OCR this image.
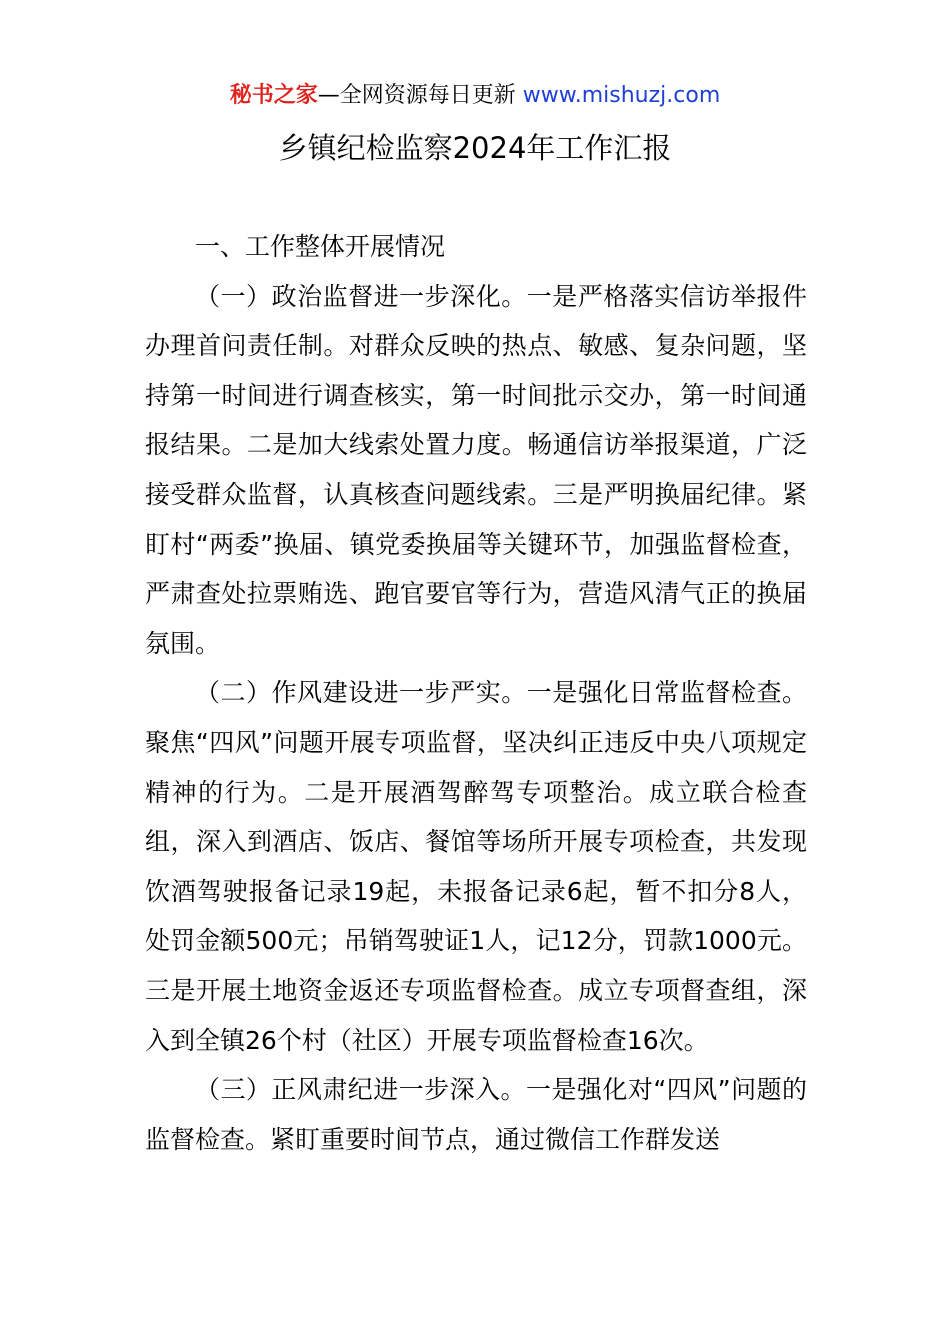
秘书之家—全网资源每日更新 www.mishuzj.com
乡镇纪检监察2024年工作汇报

一、工作整体开展情况

（一）政治监督进一步深化。一是严格落实信访举报件办理首问责任制。对群众反映的热点、敏感、复杂问题，坚持第一时间进行调查核实，第一时间批示交办，第一时间通报结果。二是加大线索处置力度。畅通信访举报渠道，广泛接受群众监督，认真核查问题线索。三是严明换届纪律。紧盯村“两委”换届、镇党委换届等关键环节，加强监督检查，严肃查处拉票贿选、跑官要官等行为，营造风清气正的换届氛围。

（二）作风建设进一步严实。一是强化日常监督检查。聚焦“四风”问题开展专项监督，坚决纠正违反中央八项规定精神的行为。二是开展酒驾醉驾专项整治。成立联合检查组，深入到酒店、饭店、餐馆等场所开展专项检查，共发现饮酒驾驶报备记录19起，未报备记录6起，暂不扣分8人，处罚金额500元；吊销驾驶证1人，记12分，罚款1000元。三是开展土地资金返还专项监督检查。成立专项督查组，深入到全镇26个村（社区）开展专项监督检查16次。

（三）正风肃纪进一步深入。一是强化对“四风”问题的监督检查。紧盯重要时间节点，通过微信工作群发送
